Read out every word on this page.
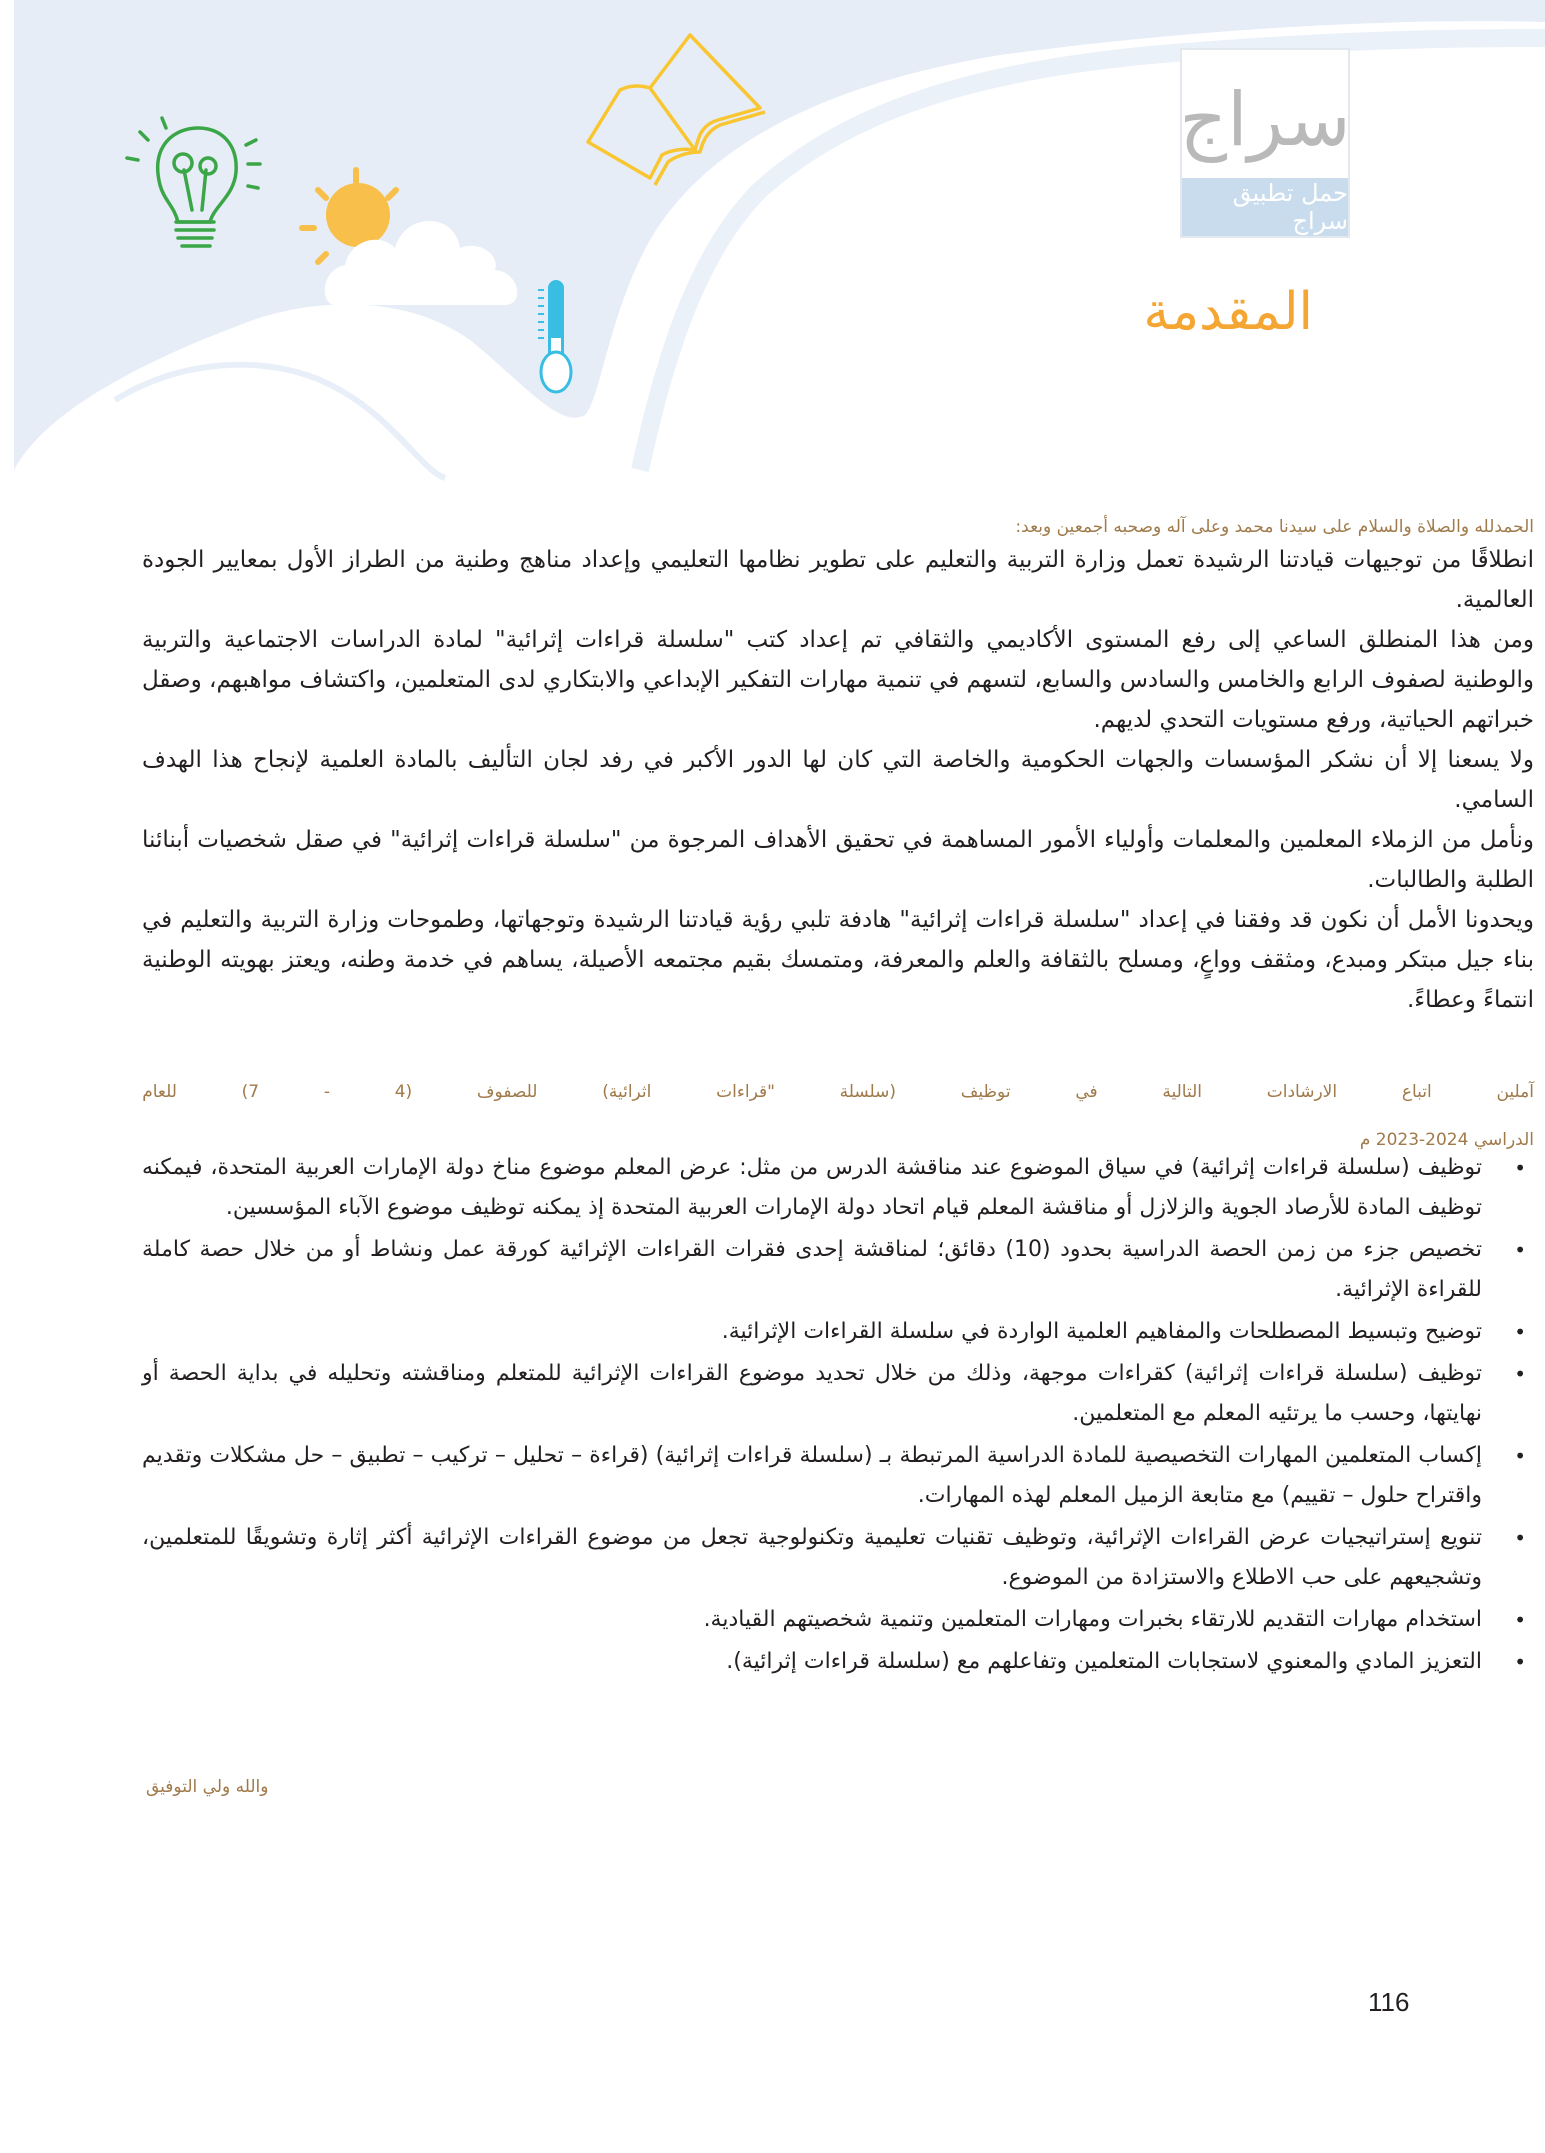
سراج
حمل تطبيق سراج
المقدمة
الحمدلله والصلاة والسلام على سيدنا محمد وعلى آله وصحبه أجمعين وبعد:

انطلاقًا من توجيهات قيادتنا الرشيدة تعمل وزارة التربية والتعليم على تطوير نظامها التعليمي وإعداد مناهج وطنية من الطراز الأول بمعايير الجودة العالمية.

ومن هذا المنطلق الساعي إلى رفع المستوى الأكاديمي والثقافي تم إعداد كتب "سلسلة قراءات إثرائية" لمادة الدراسات الاجتماعية والتربية والوطنية لصفوف الرابع والخامس والسادس والسابع، لتسهم في تنمية مهارات التفكير الإبداعي والابتكاري لدى المتعلمين، واكتشاف مواهبهم، وصقل خبراتهم الحياتية، ورفع مستويات التحدي لديهم.

ولا يسعنا إلا أن نشكر المؤسسات والجهات الحكومية والخاصة التي كان لها الدور الأكبر في رفد لجان التأليف بالمادة العلمية لإنجاح هذا الهدف السامي.

ونأمل من الزملاء المعلمين والمعلمات وأولياء الأمور المساهمة في تحقيق الأهداف المرجوة من "سلسلة قراءات إثرائية" في صقل شخصيات أبنائنا الطلبة والطالبات.

ويحدونا الأمل أن نكون قد وفقنا في إعداد "سلسلة قراءات إثرائية" هادفة تلبي رؤية قيادتنا الرشيدة وتوجهاتها، وطموحات وزارة التربية والتعليم في بناء جيل مبتكر ومبدع، ومثقف وواعٍ، ومسلح بالثقافة والعلم والمعرفة، ومتمسك بقيم مجتمعه الأصيلة، يساهم في خدمة وطنه، ويعتز بهويته الوطنية انتماءً وعطاءً.

آملين
اتباع
الارشادات
التالية
في
توظيف
(سلسلة
"قراءات
اثرائية)
للصفوف
(4
-
7)
للعام
الدراسي 2024-2023 م
•
توظيف (سلسلة قراءات إثرائية) في سياق الموضوع عند مناقشة الدرس من مثل: عرض المعلم موضوع مناخ دولة الإمارات العربية المتحدة، فيمكنه توظيف المادة للأرصاد الجوية والزلازل أو مناقشة المعلم قيام اتحاد دولة الإمارات العربية المتحدة إذ يمكنه توظيف موضوع الآباء المؤسسين.
•
تخصيص جزء من زمن الحصة الدراسية بحدود (10) دقائق؛ لمناقشة إحدى فقرات القراءات الإثرائية كورقة عمل ونشاط أو من خلال حصة كاملة للقراءة الإثرائية.
•
توضيح وتبسيط المصطلحات والمفاهيم العلمية الواردة في سلسلة القراءات الإثرائية.
•
توظيف (سلسلة قراءات إثرائية) كقراءات موجهة، وذلك من خلال تحديد موضوع القراءات الإثرائية للمتعلم ومناقشته وتحليله في بداية الحصة أو نهايتها، وحسب ما يرتئيه المعلم مع المتعلمين.
•
إكساب المتعلمين المهارات التخصيصية للمادة الدراسية المرتبطة بـ (سلسلة قراءات إثرائية) (قراءة – تحليل – تركيب – تطبيق – حل مشكلات وتقديم واقتراح حلول – تقييم) مع متابعة الزميل المعلم لهذه المهارات.
•
تنويع إستراتيجيات عرض القراءات الإثرائية، وتوظيف تقنيات تعليمية وتكنولوجية تجعل من موضوع القراءات الإثرائية أكثر إثارة وتشويقًا للمتعلمين، وتشجيعهم على حب الاطلاع والاستزادة من الموضوع.
•
استخدام مهارات التقديم للارتقاء بخبرات ومهارات المتعلمين وتنمية شخصيتهم القيادية.
•
التعزيز المادي والمعنوي لاستجابات المتعلمين وتفاعلهم مع (سلسلة قراءات إثرائية).
والله ولي التوفيق
116
